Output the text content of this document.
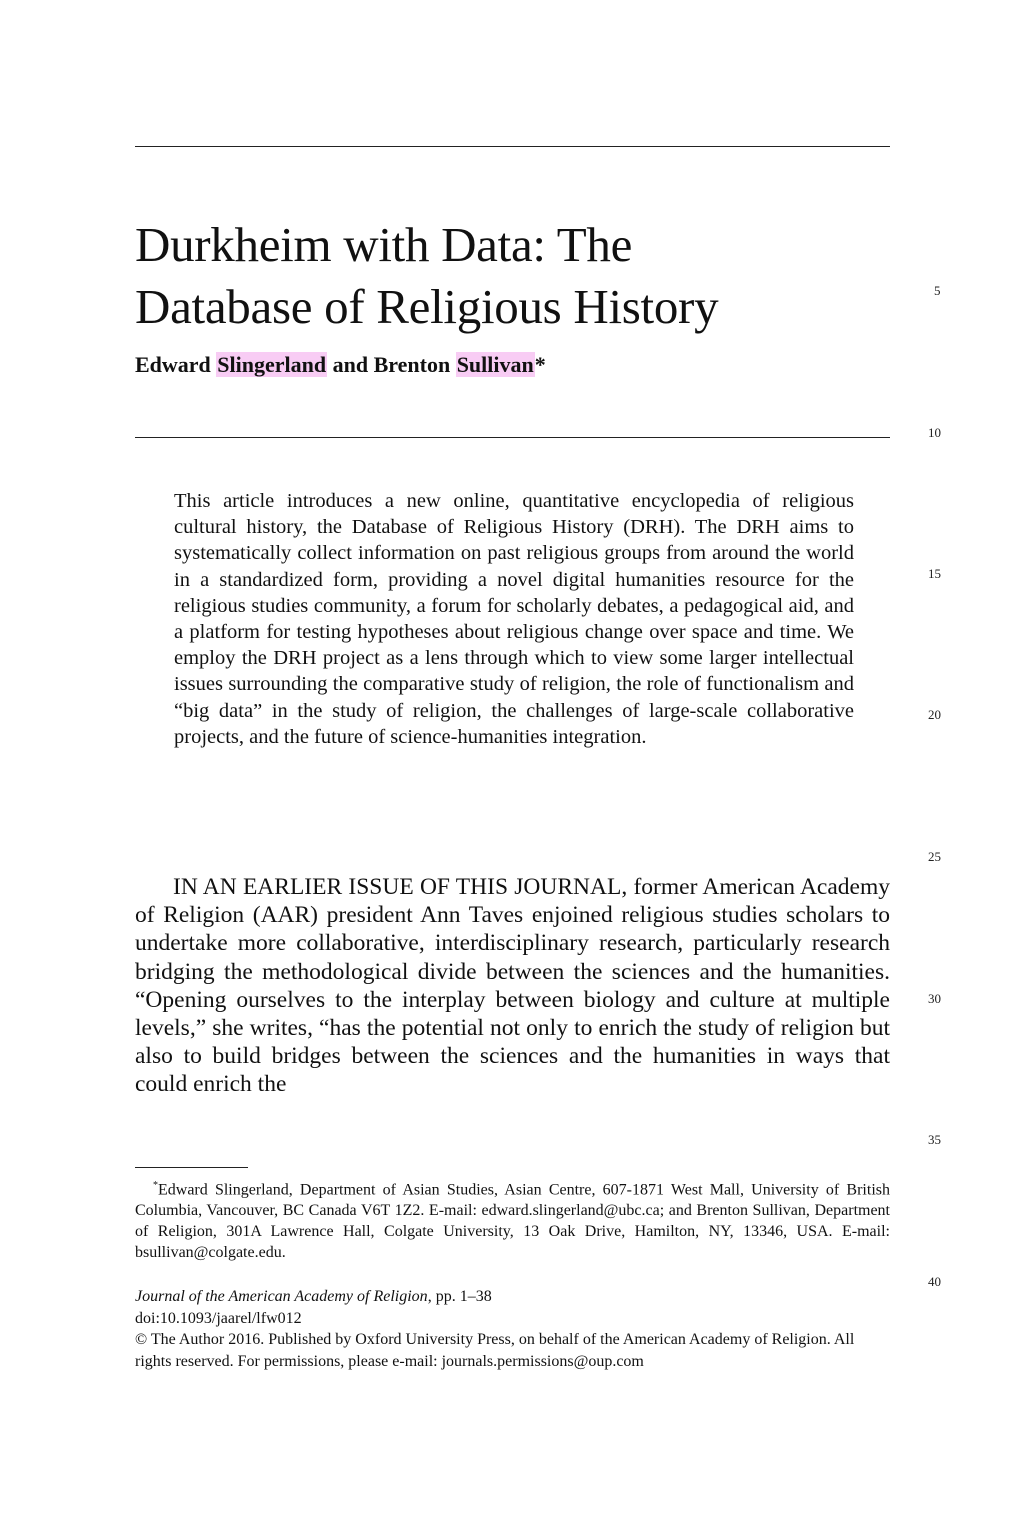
Durkheim with Data: The
Database of Religious History
Edward Slingerland and Brenton Sullivan*

This article introduces a new online, quantitative encyclopedia of religious cultural history, the Database of Religious History (DRH). The DRH aims to systematically collect information on past religious groups from around the world in a standardized form, providing a novel digital humanities resource for the religious studies community, a forum for scholarly debates, a pedagogical aid, and a platform for testing hypotheses about religious change over space and time. We employ the DRH project as a lens through which to view some larger intellectual issues surrounding the comparative study of religion, the role of functionalism and “big data” in the study of religion, the challenges of large-scale collaborative projects, and the future of science-humanities integration.

IN AN EARLIER ISSUE OF THIS JOURNAL, former American Academy of Religion (AAR) president Ann Taves enjoined religious studies scholars to undertake more collaborative, interdisciplinary research, particularly research bridging the methodological divide between the sciences and the humanities. “Opening ourselves to the interplay between biology and culture at multiple levels,” she writes, “has the potential not only to enrich the study of religion but also to build bridges between the sciences and the humanities in ways that could enrich the

*Edward Slingerland, Department of Asian Studies, Asian Centre, 607-1871 West Mall, University of British Columbia, Vancouver, BC Canada V6T 1Z2. E-mail: edward.slingerland@ubc.ca; and Brenton Sullivan, Department of Religion, 301A Lawrence Hall, Colgate University, 13 Oak Drive, Hamilton, NY, 13346, USA. E-mail: bsullivan@colgate.edu.

Journal of the American Academy of Religion, pp. 1–38
doi:10.1093/jaarel/lfw012
© The Author 2016. Published by Oxford University Press, on behalf of the American Academy of Religion. All rights reserved. For permissions, please e-mail: journals.permissions@oup.com
5
10
15
20
25
30
35
40
